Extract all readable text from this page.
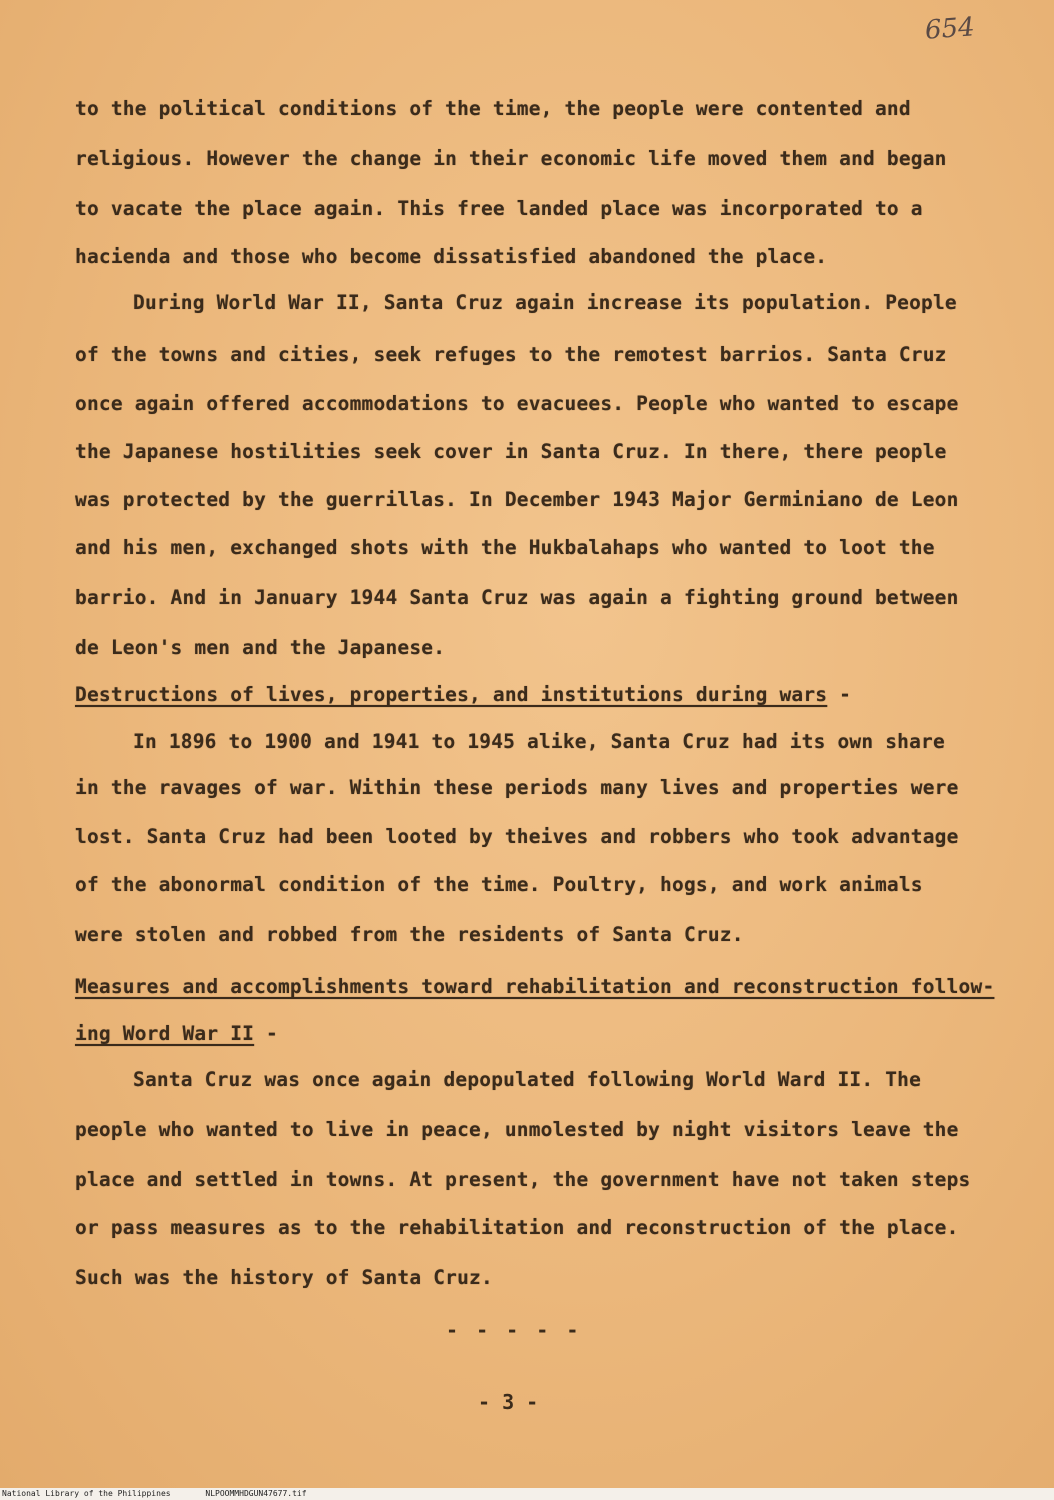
654
to the political conditions of the time, the people were contented and
religious. However the change in their economic life moved them and began
to vacate the place again. This free landed place was incorporated to a
hacienda and those who become dissatisfied abandoned the place.
During World War II, Santa Cruz again increase its population. People
of the towns and cities, seek refuges to the remotest barrios. Santa Cruz
once again offered accommodations to evacuees. People who wanted to escape
the Japanese hostilities seek cover in Santa Cruz. In there, there people
was protected by the guerrillas. In December 1943 Major Germiniano de Leon
and his men, exchanged shots with the Hukbalahaps who wanted to loot the
barrio. And in January 1944 Santa Cruz was again a fighting ground between
de Leon's men and the Japanese.
Destructions of lives, properties, and institutions during wars -
In 1896 to 1900 and 1941 to 1945 alike, Santa Cruz had its own share
in the ravages of war. Within these periods many lives and properties were
lost. Santa Cruz had been looted by theives and robbers who took advantage
of the abonormal condition of the time. Poultry, hogs, and work animals
were stolen and robbed from the residents of Santa Cruz.
Measures and accomplishments toward rehabilitation and reconstruction follow-
ing Word War II -
Santa Cruz was once again depopulated following World Ward II. The
people who wanted to live in peace, unmolested by night visitors leave the
place and settled in towns. At present, the government have not taken steps
or pass measures as to the rehabilitation and reconstruction of the place.
Such was the history of Santa Cruz.
- - - - -
- 3 -
National Library of the Philippines	NLPOOMMHDGUN47677.tif
